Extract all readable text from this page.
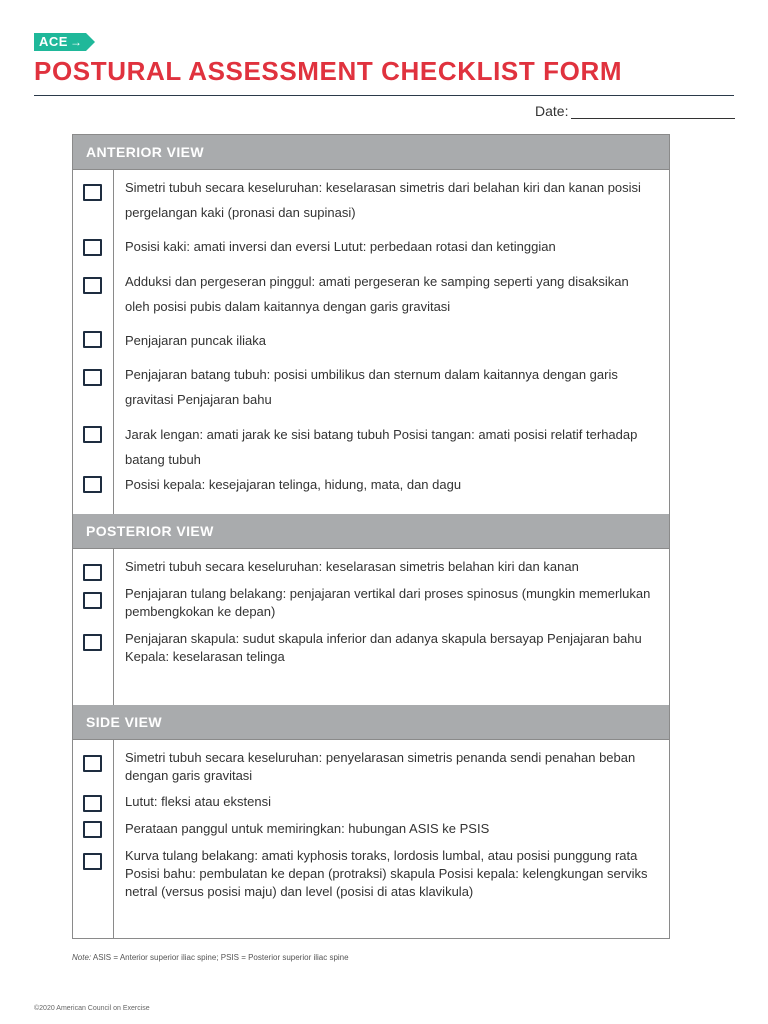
ACE →
POSTURAL ASSESSMENT CHECKLIST FORM
Date:
ANTERIOR VIEW
Simetri tubuh secara keseluruhan: keselarasan simetris dari belahan kiri dan kanan posisi pergelangan kaki (pronasi dan supinasi)
Posisi kaki: amati inversi dan eversi Lutut: perbedaan rotasi dan ketinggian
Adduksi dan pergeseran pinggul: amati pergeseran ke samping seperti yang disaksikan oleh posisi pubis dalam kaitannya dengan garis gravitasi
Penjajaran puncak iliaka
Penjajaran batang tubuh: posisi umbilikus dan sternum dalam kaitannya dengan garis gravitasi Penjajaran bahu
Jarak lengan: amati jarak ke sisi batang tubuh Posisi tangan: amati posisi relatif terhadap batang tubuh
Posisi kepala: kesejajaran telinga, hidung, mata, dan dagu
POSTERIOR VIEW
Simetri tubuh secara keseluruhan: keselarasan simetris belahan kiri dan kanan
Penjajaran tulang belakang: penjajaran vertikal dari proses spinosus (mungkin memerlukan pembengkokan ke depan)
Penjajaran skapula: sudut skapula inferior dan adanya skapula bersayap Penjajaran bahu Kepala: keselarasan telinga
SIDE VIEW
Simetri tubuh secara keseluruhan: penyelarasan simetris penanda sendi penahan beban dengan garis gravitasi
Lutut: fleksi atau ekstensi
Perataan panggul untuk memiringkan: hubungan ASIS ke PSIS
Kurva tulang belakang: amati kyphosis toraks, lordosis lumbal, atau posisi punggung rata Posisi bahu: pembulatan ke depan (protraksi) skapula Posisi kepala: kelengkungan serviks netral (versus posisi maju) dan level (posisi di atas klavikula)
Note: ASIS = Anterior superior iliac spine; PSIS = Posterior superior iliac spine
©2020 American Council on Exercise
